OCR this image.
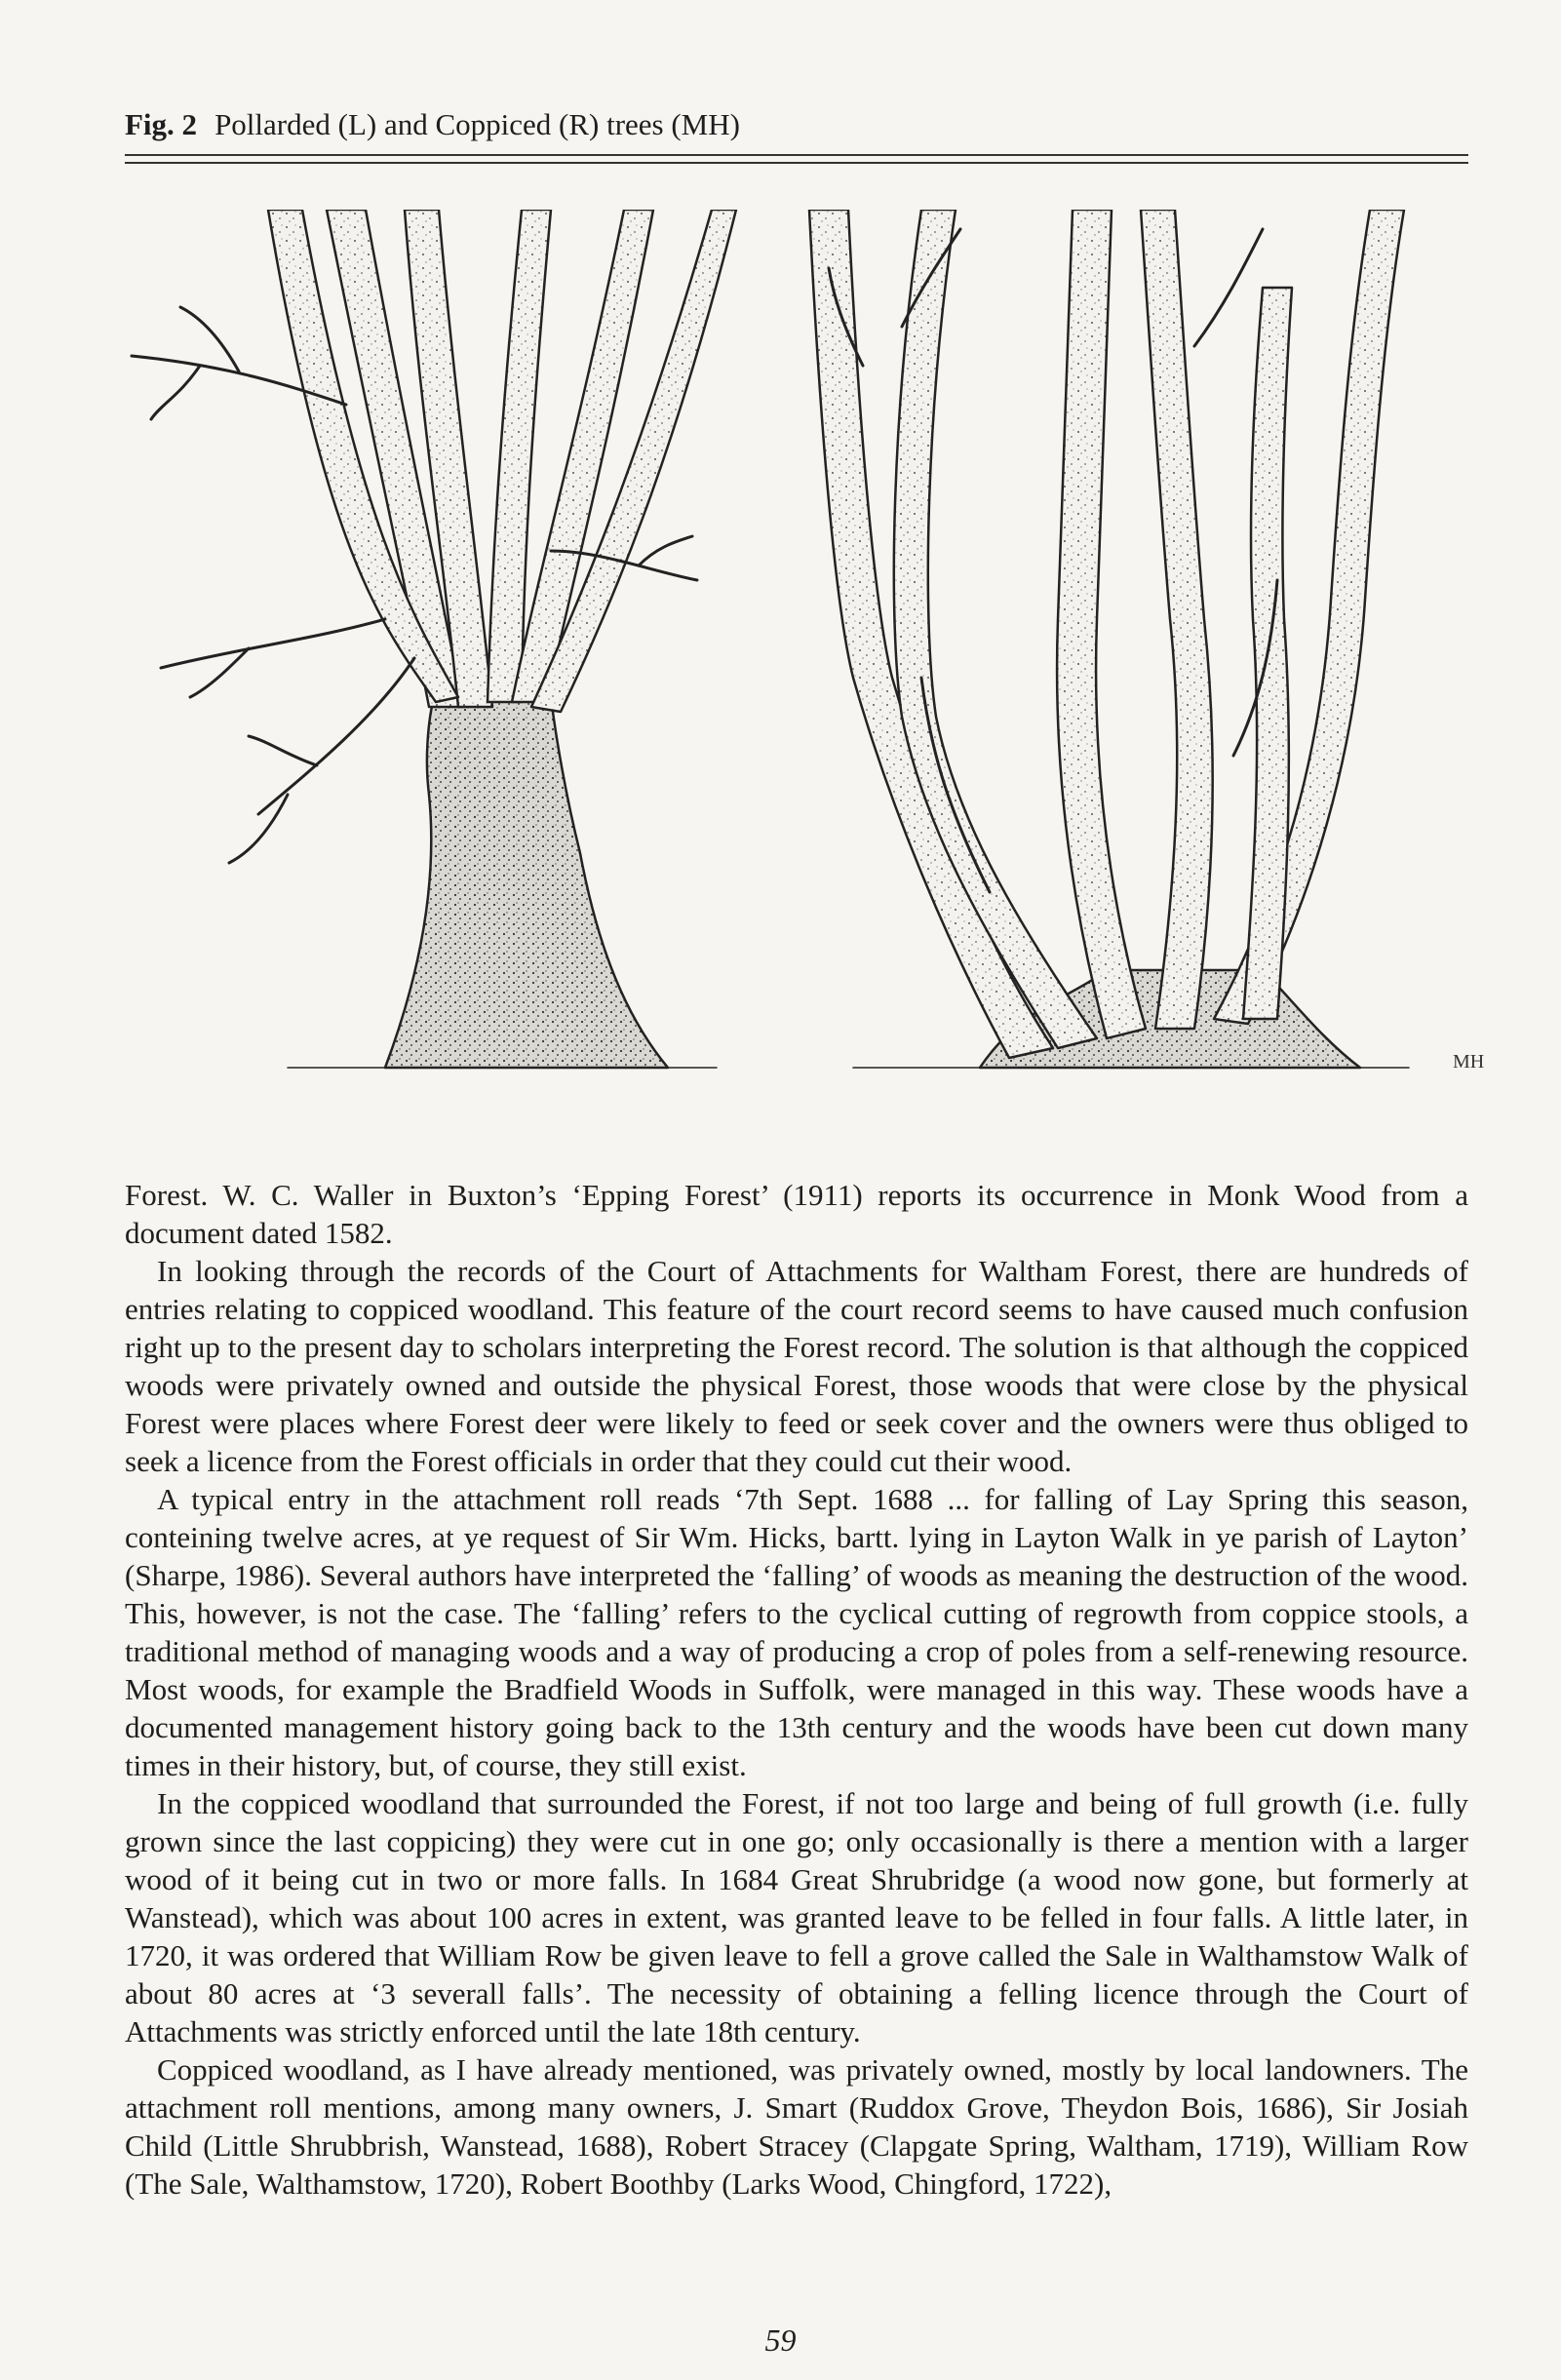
Fig. 2 Pollarded (L) and Coppiced (R) trees (MH)
MH

Forest. W. C. Waller in Buxton’s ‘Epping Forest’ (1911) reports its occurrence in Monk Wood from a document dated 1582.

In looking through the records of the Court of Attachments for Waltham Forest, there are hundreds of entries relating to coppiced woodland. This feature of the court record seems to have caused much confusion right up to the present day to scholars interpreting the Forest record. The solution is that although the coppiced woods were privately owned and outside the physical Forest, those woods that were close by the physical Forest were places where Forest deer were likely to feed or seek cover and the owners were thus obliged to seek a licence from the Forest officials in order that they could cut their wood.

A typical entry in the attachment roll reads ‘7th Sept. 1688 ... for falling of Lay Spring this season, conteining twelve acres, at ye request of Sir Wm. Hicks, bartt. lying in Layton Walk in ye parish of Layton’ (Sharpe, 1986). Several authors have interpreted the ‘falling’ of woods as meaning the destruction of the wood. This, however, is not the case. The ‘falling’ refers to the cyclical cutting of regrowth from coppice stools, a traditional method of managing woods and a way of producing a crop of poles from a self-renewing resource. Most woods, for example the Bradfield Woods in Suffolk, were managed in this way. These woods have a documented management history going back to the 13th century and the woods have been cut down many times in their history, but, of course, they still exist.

In the coppiced woodland that surrounded the Forest, if not too large and being of full growth (i.e. fully grown since the last coppicing) they were cut in one go; only occasionally is there a mention with a larger wood of it being cut in two or more falls. In 1684 Great Shrubridge (a wood now gone, but formerly at Wanstead), which was about 100 acres in extent, was granted leave to be felled in four falls. A little later, in 1720, it was ordered that William Row be given leave to fell a grove called the Sale in Walthamstow Walk of about 80 acres at ‘3 severall falls’. The necessity of obtaining a felling licence through the Court of Attachments was strictly enforced until the late 18th century.

Coppiced woodland, as I have already mentioned, was privately owned, mostly by local landowners. The attachment roll mentions, among many owners, J. Smart (Ruddox Grove, Theydon Bois, 1686), Sir Josiah Child (Little Shrubbrish, Wanstead, 1688), Robert Stracey (Clapgate Spring, Waltham, 1719), William Row (The Sale, Walthamstow, 1720), Robert Boothby (Larks Wood, Chingford, 1722),

59
